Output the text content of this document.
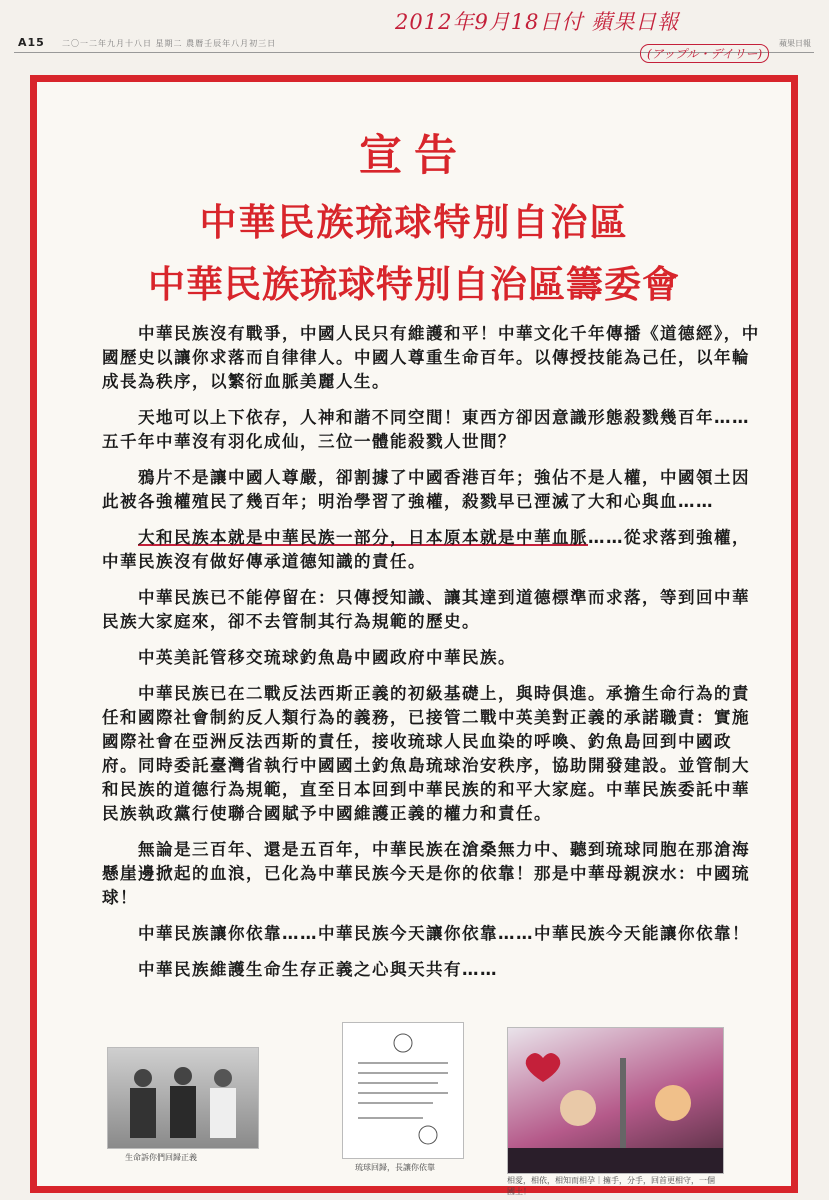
A15 二〇一二年九月十八日 星期二 農曆壬辰年八月初三日	蘋果日報
2012年9月18日付 蘋果日報
(アップル・デイリー)
宣告
中華民族琉球特別自治區
中華民族琉球特別自治區籌委會

中華民族沒有戰爭，中國人民只有維護和平！中華文化千年傳播《道德經》，中國歷史以讓你求落而自律律人。中國人尊重生命百年。以傳授技能為己任，以年輪成長為秩序，以繁衍血脈美麗人生。

天地可以上下依存，人神和諧不同空間！東西方卻因意識形態殺戮幾百年……五千年中華沒有羽化成仙，三位一體能殺戮人世間？

鴉片不是讓中國人尊嚴，卻割據了中國香港百年；強佔不是人權，中國領土因此被各強權殖民了幾百年；明治學習了強權，殺戮早已湮滅了大和心與血……

大和民族本就是中華民族一部分，日本原本就是中華血脈……從求落到強權，中華民族沒有做好傳承道德知識的責任。

中華民族已不能停留在：只傳授知識、讓其達到道德標準而求落，等到回中華民族大家庭來，卻不去管制其行為規範的歷史。

中英美託管移交琉球釣魚島中國政府中華民族。

中華民族已在二戰反法西斯正義的初級基礎上，與時俱進。承擔生命行為的責任和國際社會制約反人類行為的義務，已接管二戰中英美對正義的承諾職責：實施國際社會在亞洲反法西斯的責任，接收琉球人民血染的呼喚、釣魚島回到中國政府。同時委託臺灣省執行中國國土釣魚島琉球治安秩序，協助開發建設。並管制大和民族的道德行為規範，直至日本回到中華民族的和平大家庭。中華民族委託中華民族執政黨行使聯合國賦予中國維護正義的權力和責任。

無論是三百年、還是五百年，中華民族在滄桑無力中、聽到琉球同胞在那滄海懸崖邊掀起的血浪，已化為中華民族今天是你的依靠！那是中華母親淚水：中國琉球！

中華民族讓你依靠……中華民族今天讓你依靠……中華民族今天能讓你依靠！

中華民族維護生命生存正義之心與天共有……

生命訴你們回歸正義
琉球回歸，長讓你依靠
相愛，相依，相知而相孕｜擁手，分手，回首更相守，一個國土！
